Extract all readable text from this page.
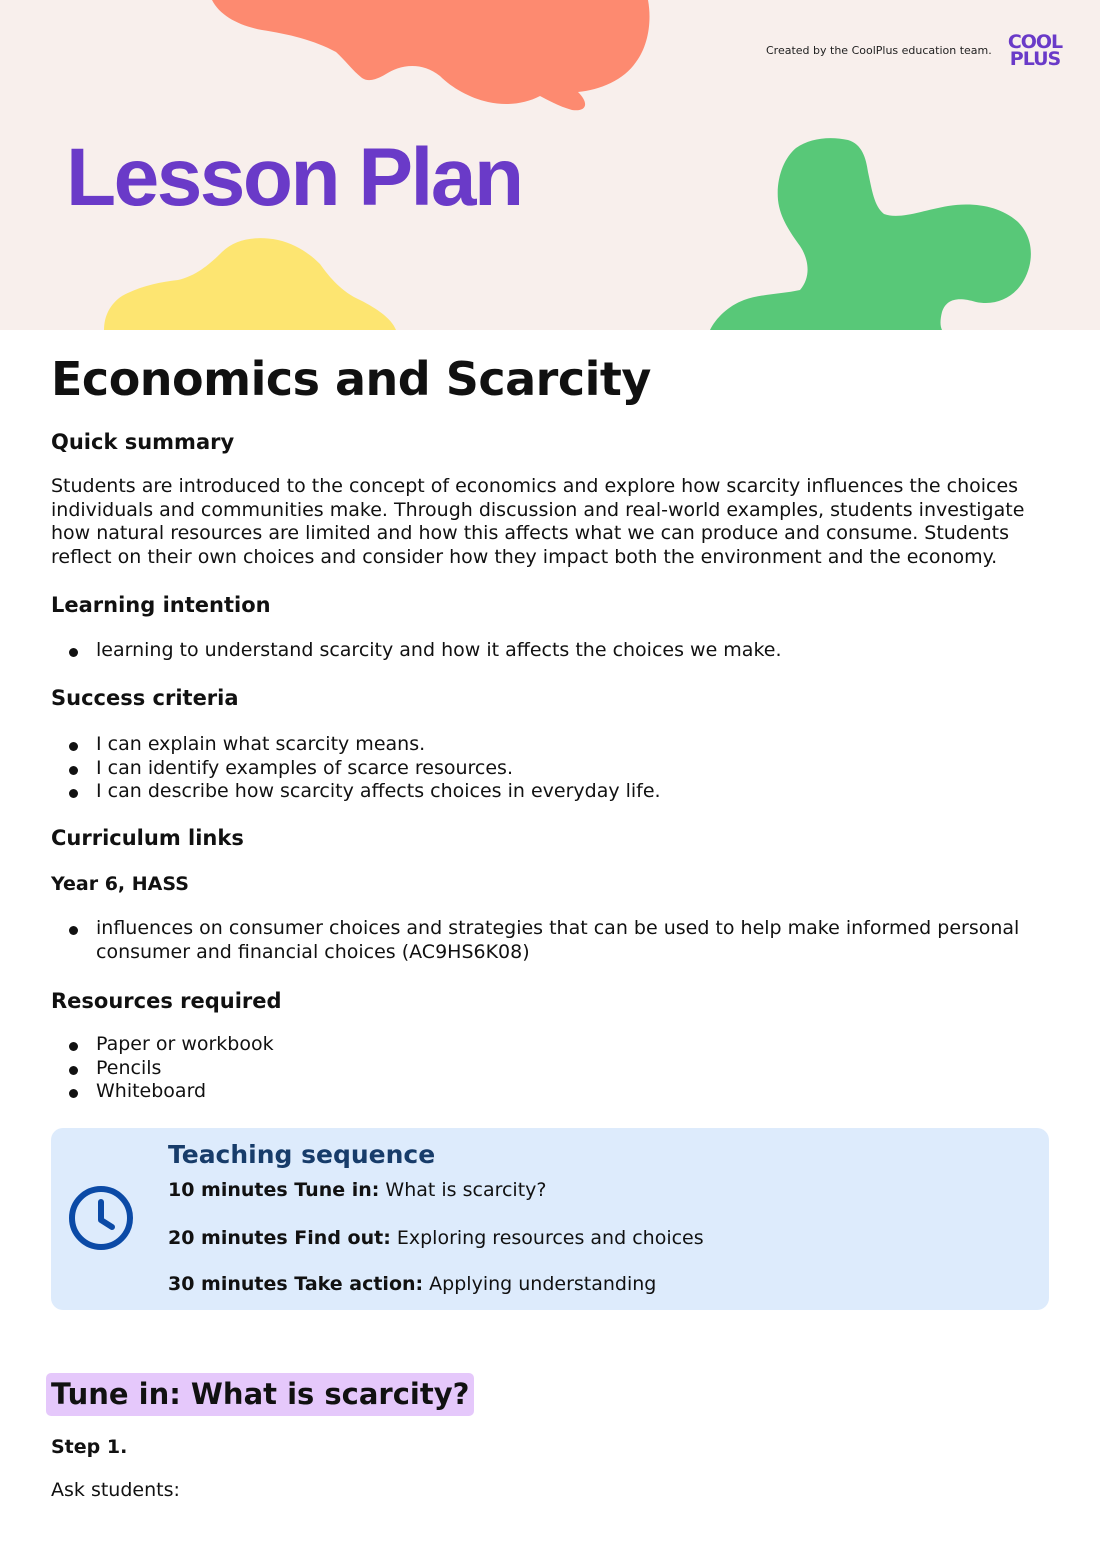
Lesson Plan
Created by the CoolPlus education team. COOL
PLUS
Economics and Scarcity
Quick summary
Students are introduced to the concept of economics and explore how scarcity influences the choices
individuals and communities make. Through discussion and real-world examples, students investigate
how natural resources are limited and how this affects what we can produce and consume. Students
reflect on their own choices and consider how they impact both the environment and the economy.
Learning intention
learning to understand scarcity and how it affects the choices we make.
Success criteria
I can explain what scarcity means.
I can identify examples of scarce resources.
I can describe how scarcity affects choices in everyday life.
Curriculum links
Year 6, HASS
influences on consumer choices and strategies that can be used to help make informed personal
consumer and financial choices (AC9HS6K08)
Resources required
Paper or workbook
Pencils
Whiteboard
Teaching sequence

10 minutes Tune in: What is scarcity?

20 minutes Find out: Exploring resources and choices

30 minutes Take action: Applying understanding

Tune in: What is scarcity?
Step 1.

Ask students:
